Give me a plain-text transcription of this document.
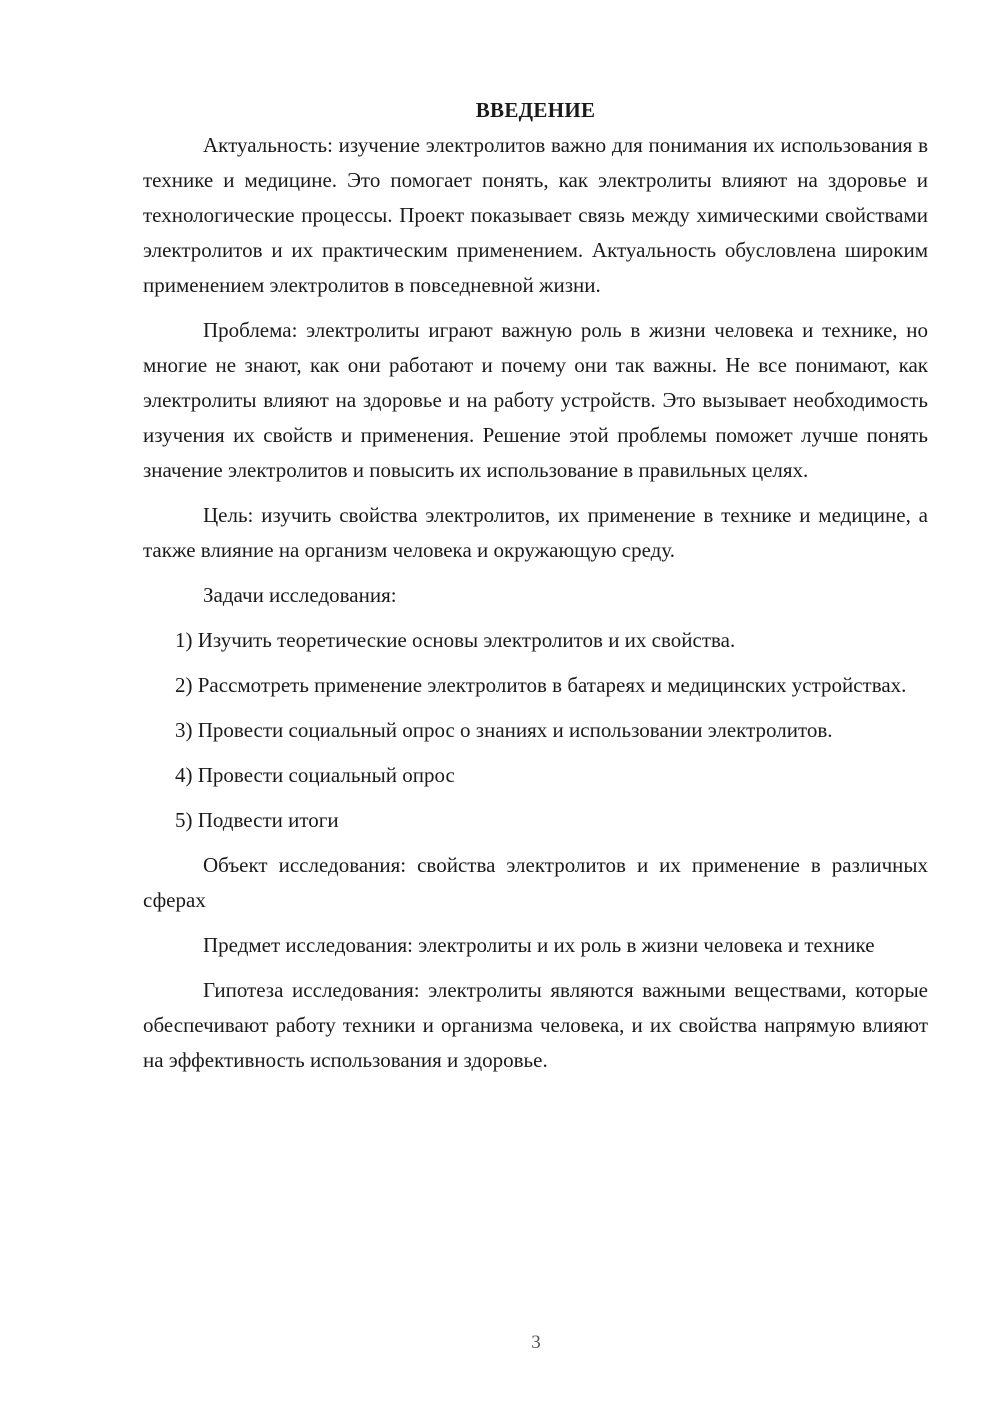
ВВЕДЕНИЕ

Актуальность: изучение электролитов важно для понимания их использования в технике и медицине. Это помогает понять, как электролиты влияют на здоровье и технологические процессы. Проект показывает связь между химическими свойствами электролитов и их практическим применением. Актуальность обусловлена широким применением электролитов в повседневной жизни.

Проблема: электролиты играют важную роль в жизни человека и технике, но многие не знают, как они работают и почему они так важны. Не все понимают, как электролиты влияют на здоровье и на работу устройств. Это вызывает необходимость изучения их свойств и применения. Решение этой проблемы поможет лучше понять значение электролитов и повысить их использование в правильных целях.

Цель: изучить свойства электролитов, их применение в технике и медицине, а также влияние на организм человека и окружающую среду.

Задачи исследования:

1) Изучить теоретические основы электролитов и их свойства.

2) Рассмотреть применение электролитов в батареях и медицинских устройствах.

3) Провести социальный опрос о знаниях и использовании электролитов.

4) Провести социальный опрос

5) Подвести итоги

Объект исследования: свойства электролитов и их применение в различных сферах

Предмет исследования: электролиты и их роль в жизни человека и технике

Гипотеза исследования: электролиты являются важными веществами, которые обеспечивают работу техники и организма человека, и их свойства напрямую влияют на эффективность использования и здоровье.

3
